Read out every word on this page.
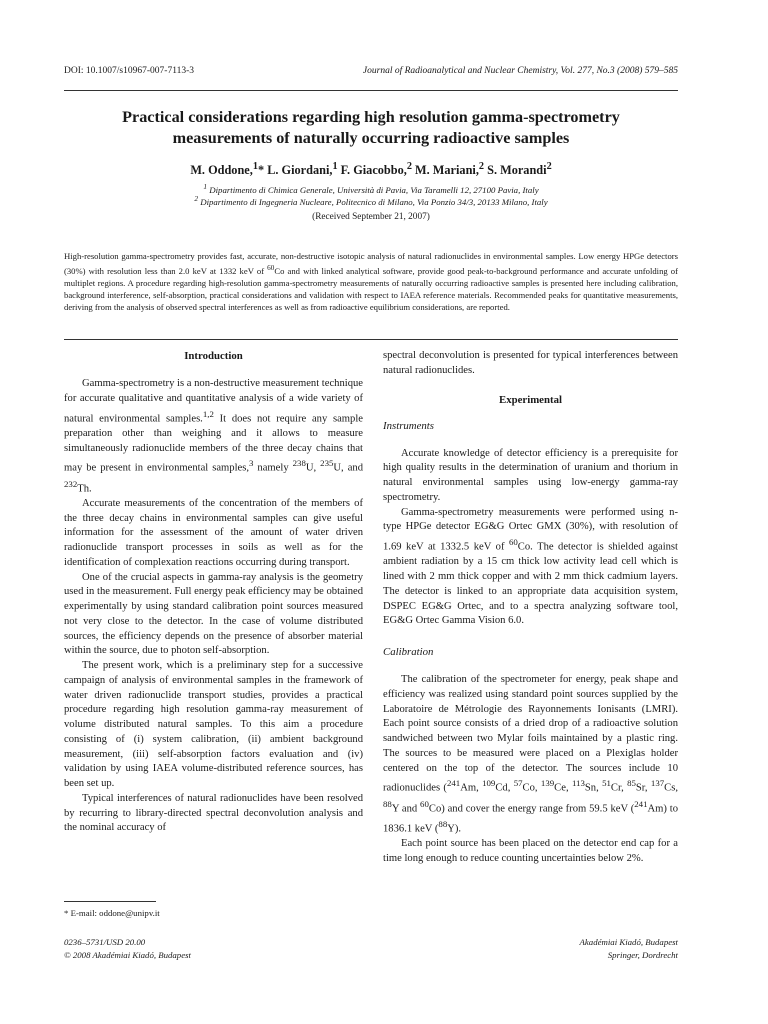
DOI: 10.1007/s10967-007-7113-3	Journal of Radioanalytical and Nuclear Chemistry, Vol. 277, No.3 (2008) 579–585
Practical considerations regarding high resolution gamma-spectrometry
measurements of naturally occurring radioactive samples

M. Oddone,$^1$* L. Giordani,$^1$ F. Giacobbo,$^2$ M. Mariani,$^2$ S. Morandi$^2$

$^1$ Dipartimento di Chimica Generale, Università di Pavia, Via Taramelli 12, 27100 Pavia, Italy

$^2$ Dipartimento di Ingegneria Nucleare, Politecnico di Milano, Via Ponzio 34/3, 20133 Milano, Italy

(Received September 21, 2007)

High-resolution gamma-spectrometry provides fast, accurate, non-destructive isotopic analysis of natural radionuclides in environmental samples. Low energy HPGe detectors (30%) with resolution less than 2.0 keV at 1332 keV of $^{60}$Co and with linked analytical software, provide good peak-to-background performance and accurate unfolding of multiplet regions. A procedure regarding high-resolution gamma-spectrometry measurements of naturally occurring radioactive samples is presented here including calibration, background interference, self-absorption, practical considerations and validation with respect to IAEA reference materials. Recommended peaks for quantitative measurements, deriving from the analysis of observed spectral interferences as well as from radioactive equilibrium considerations, are reported.

Introduction

Gamma-spectrometry is a non-destructive measurement technique for accurate qualitative and quantitative analysis of a wide variety of natural environmental samples.$^{1,2}$ It does not require any sample preparation other than weighing and it allows to measure simultaneously radionuclide members of the three decay chains that may be present in environmental samples,$^3$ namely $^{238}$U, $^{235}$U, and $^{232}$Th.

Accurate measurements of the concentration of the members of the three decay chains in environmental samples can give useful information for the assessment of the amount of water driven radionuclide transport processes in soils as well as for the identification of complexation reactions occurring during transport.

One of the crucial aspects in gamma-ray analysis is the geometry used in the measurement. Full energy peak efficiency may be obtained experimentally by using standard calibration point sources measured not very close to the detector. In the case of volume distributed sources, the efficiency depends on the presence of absorber material within the source, due to photon self-absorption.

The present work, which is a preliminary step for a successive campaign of analysis of environmental samples in the framework of water driven radionuclide transport studies, provides a practical procedure regarding high resolution gamma-ray measurement of volume distributed natural samples. To this aim a procedure consisting of (i) system calibration, (ii) ambient background measurement, (iii) self-absorption factors evaluation and (iv) validation by using IAEA volume-distributed reference sources, has been set up.

Typical interferences of natural radionuclides have been resolved by recurring to library-directed spectral deconvolution analysis and the nominal accuracy of

spectral deconvolution is presented for typical interferences between natural radionuclides.

Experimental
Instruments

Accurate knowledge of detector efficiency is a prerequisite for high quality results in the determination of uranium and thorium in natural environmental samples using low-energy gamma-ray spectrometry.

Gamma-spectrometry measurements were performed using n-type HPGe detector EG&G Ortec GMX (30%), with resolution of 1.69 keV at 1332.5 keV of $^{60}$Co. The detector is shielded against ambient radiation by a 15 cm thick low activity lead cell which is lined with 2 mm thick copper and with 2 mm thick cadmium layers. The detector is linked to an appropriate data acquisition system, DSPEC EG&G Ortec, and to a spectra analyzing software tool, EG&G Ortec Gamma Vision 6.0.

Calibration

The calibration of the spectrometer for energy, peak shape and efficiency was realized using standard point sources supplied by the Laboratoire de Métrologie des Rayonnements Ionisants (LMRI). Each point source consists of a dried drop of a radioactive solution sandwiched between two Mylar foils maintained by a plastic ring. The sources to be measured were placed on a Plexiglas holder centered on the top of the detector. The sources include 10 radionuclides ($^{241}$Am, $^{109}$Cd, $^{57}$Co, $^{139}$Ce, $^{113}$Sn, $^{51}$Cr, $^{85}$Sr, $^{137}$Cs, $^{88}$Y and $^{60}$Co) and cover the energy range from 59.5 keV ($^{241}$Am) to 1836.1 keV ($^{88}$Y).

Each point source has been placed on the detector end cap for a time long enough to reduce counting uncertainties below 2%.

* E-mail: oddone@unipv.it
0236–5731/USD 20.00
© 2008 Akadémiai Kiadó, Budapest
Akadémiai Kiadó, Budapest
Springer, Dordrecht
